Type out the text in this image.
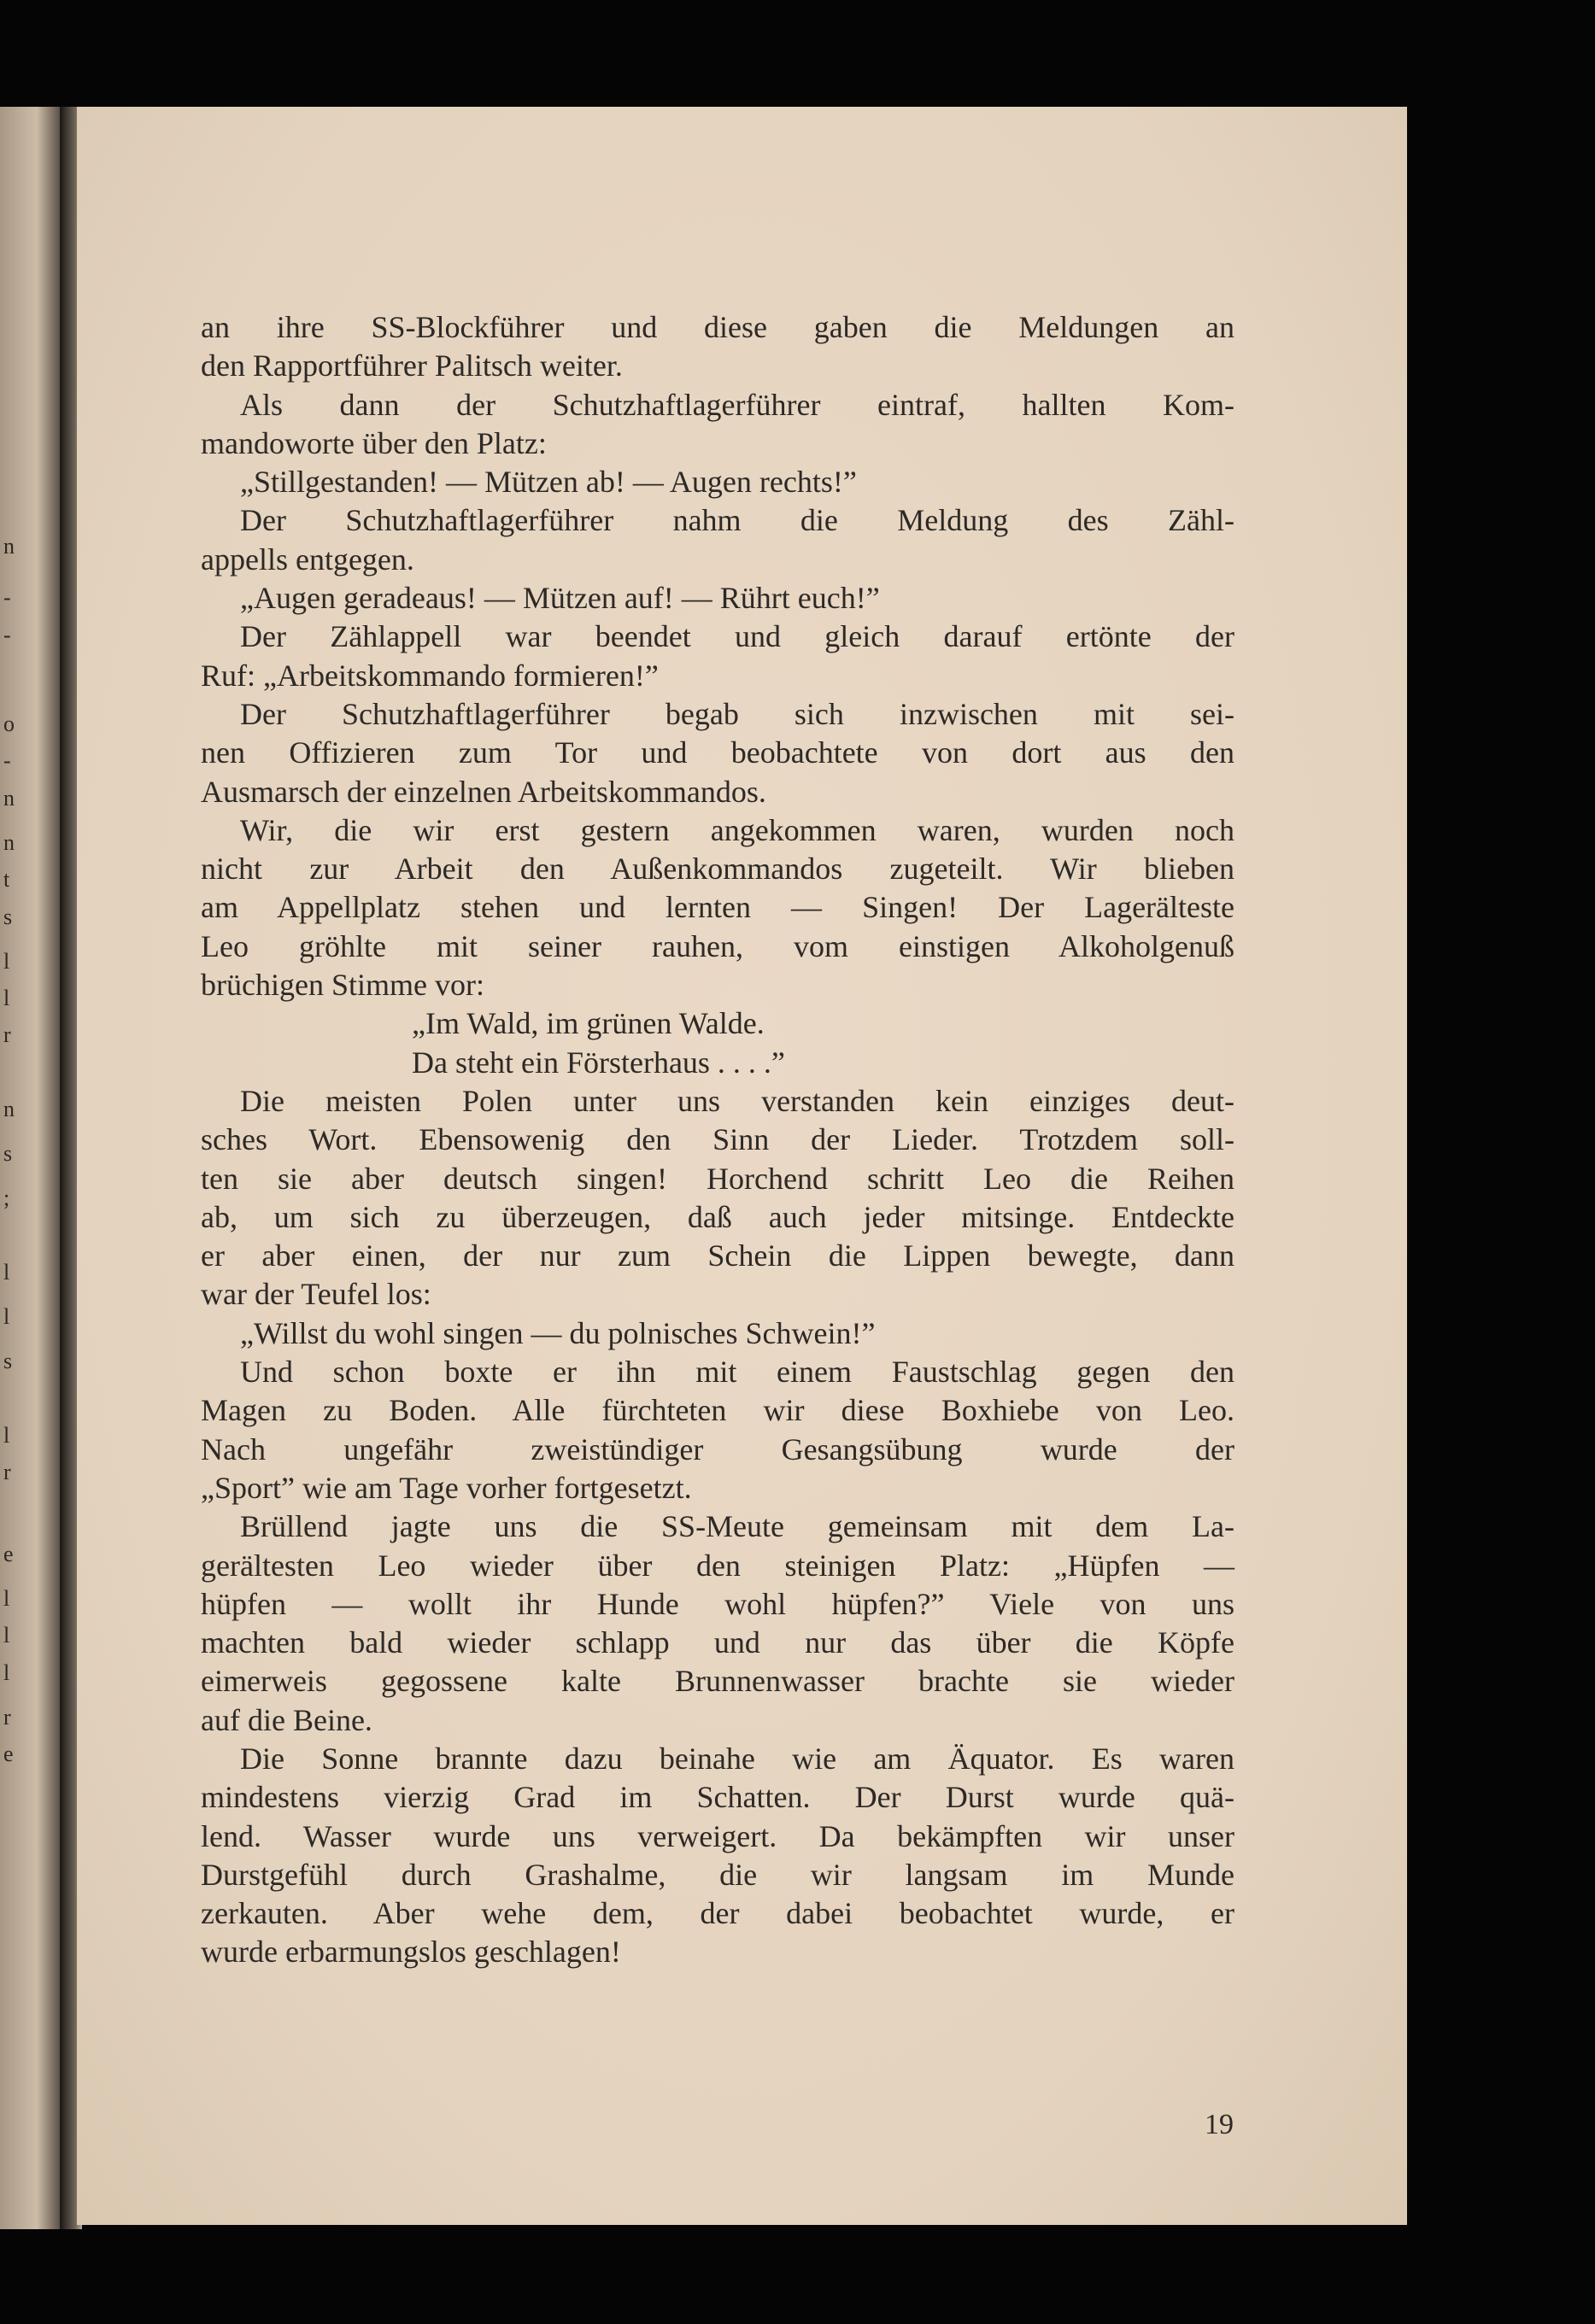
n
-
-
o
-
n
n
t
s
l
l
r
n
s
;
l
l
s
l
r
e
l
l
l
r
e

an ihre SS-Blockführer und diese gaben die Meldungen an

den Rapportführer Palitsch weiter.

Als dann der Schutzhaftlagerführer eintraf, hallten Kom-

mandoworte über den Platz:

„Stillgestanden! — Mützen ab! — Augen rechts!”

Der Schutzhaftlagerführer nahm die Meldung des Zähl-

appells entgegen.

„Augen geradeaus! — Mützen auf! — Rührt euch!”

Der Zählappell war beendet und gleich darauf ertönte der

Ruf: „Arbeitskommando formieren!”

Der Schutzhaftlagerführer begab sich inzwischen mit sei-

nen Offizieren zum Tor und beobachtete von dort aus den

Ausmarsch der einzelnen Arbeitskommandos.

Wir, die wir erst gestern angekommen waren, wurden noch

nicht zur Arbeit den Außenkommandos zugeteilt. Wir blieben

am Appellplatz stehen und lernten — Singen! Der Lagerälteste

Leo gröhlte mit seiner rauhen, vom einstigen Alkoholgenuß

brüchigen Stimme vor:

„Im Wald, im grünen Walde.

Da steht ein Försterhaus . . . .”

Die meisten Polen unter uns verstanden kein einziges deut-

sches Wort. Ebensowenig den Sinn der Lieder. Trotzdem soll-

ten sie aber deutsch singen! Horchend schritt Leo die Reihen

ab, um sich zu überzeugen, daß auch jeder mitsinge. Entdeckte

er aber einen, der nur zum Schein die Lippen bewegte, dann

war der Teufel los:

„Willst du wohl singen — du polnisches Schwein!”

Und schon boxte er ihn mit einem Faustschlag gegen den

Magen zu Boden. Alle fürchteten wir diese Boxhiebe von Leo.

Nach ungefähr zweistündiger Gesangsübung wurde der

„Sport” wie am Tage vorher fortgesetzt.

Brüllend jagte uns die SS-Meute gemeinsam mit dem La-

gerältesten Leo wieder über den steinigen Platz: „Hüpfen —

hüpfen — wollt ihr Hunde wohl hüpfen?” Viele von uns

machten bald wieder schlapp und nur das über die Köpfe

eimerweis gegossene kalte Brunnenwasser brachte sie wieder

auf die Beine.

Die Sonne brannte dazu beinahe wie am Äquator. Es waren

mindestens vierzig Grad im Schatten. Der Durst wurde quä-

lend. Wasser wurde uns verweigert. Da bekämpften wir unser

Durstgefühl durch Grashalme, die wir langsam im Munde

zerkauten. Aber wehe dem, der dabei beobachtet wurde, er

wurde erbarmungslos geschlagen!

19
